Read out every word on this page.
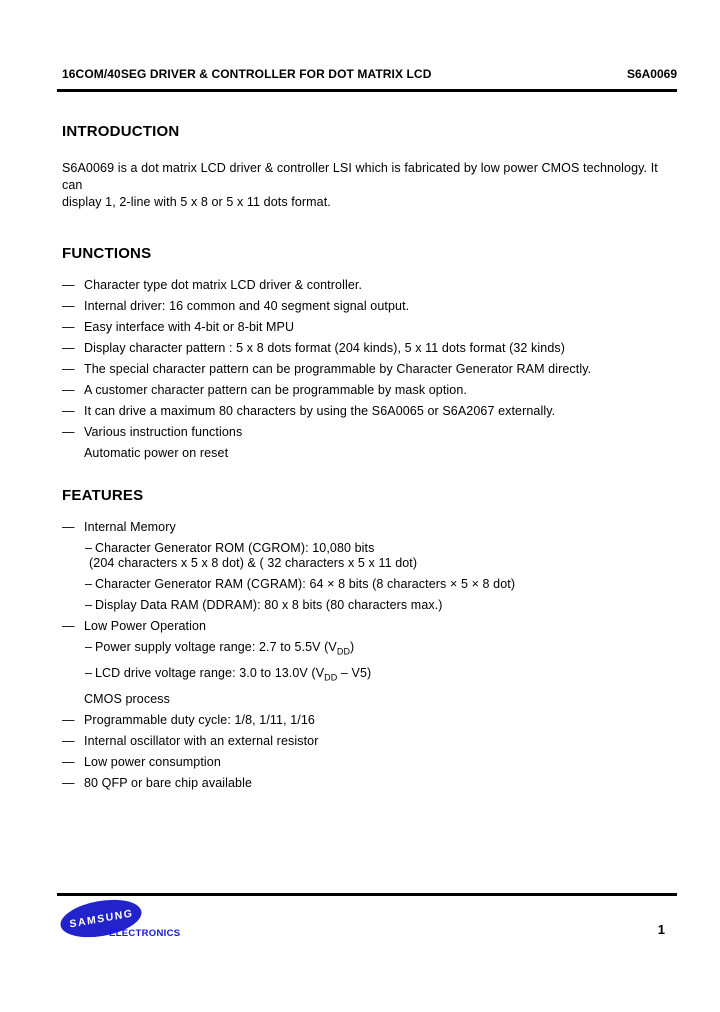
16COM/40SEG DRIVER & CONTROLLER FOR DOT MATRIX LCD	S6A0069
INTRODUCTION
S6A0069 is a dot matrix LCD driver & controller LSI which is fabricated by low power CMOS technology. It can
display 1, 2-line with 5 x 8 or 5 x 11 dots format.
FUNCTIONS
— Character type dot matrix LCD driver & controller.
— Internal driver: 16 common and 40 segment signal output.
— Easy interface with 4-bit or 8-bit MPU
— Display character pattern : 5 x 8 dots format (204 kinds), 5 x 11 dots format (32 kinds)
— The special character pattern can be programmable by Character Generator RAM directly.
— A customer character pattern can be programmable by mask option.
— It can drive a maximum 80 characters by using the S6A0065 or S6A2067 externally.
— Various instruction functions
Automatic power on reset
FEATURES
— Internal Memory
– Character Generator ROM (CGROM): 10,080 bits
(204 characters x 5 x 8 dot) & ( 32 characters x 5 x 11 dot)
– Character Generator RAM (CGRAM): 64 × 8 bits (8 characters × 5 × 8 dot)
– Display Data RAM (DDRAM): 80 x 8 bits (80 characters max.)
— Low Power Operation
– Power supply voltage range: 2.7 to 5.5V $(V_{DD})$
– LCD drive voltage range: 3.0 to 13.0V $(V_{DD} - V5)$
CMOS process
— Programmable duty cycle: 1/8, 1/11, 1/16
— Internal oscillator with an external resistor
— Low power consumption
— 80 QFP or bare chip available
SAMSUNG
ELECTRONICS	1
